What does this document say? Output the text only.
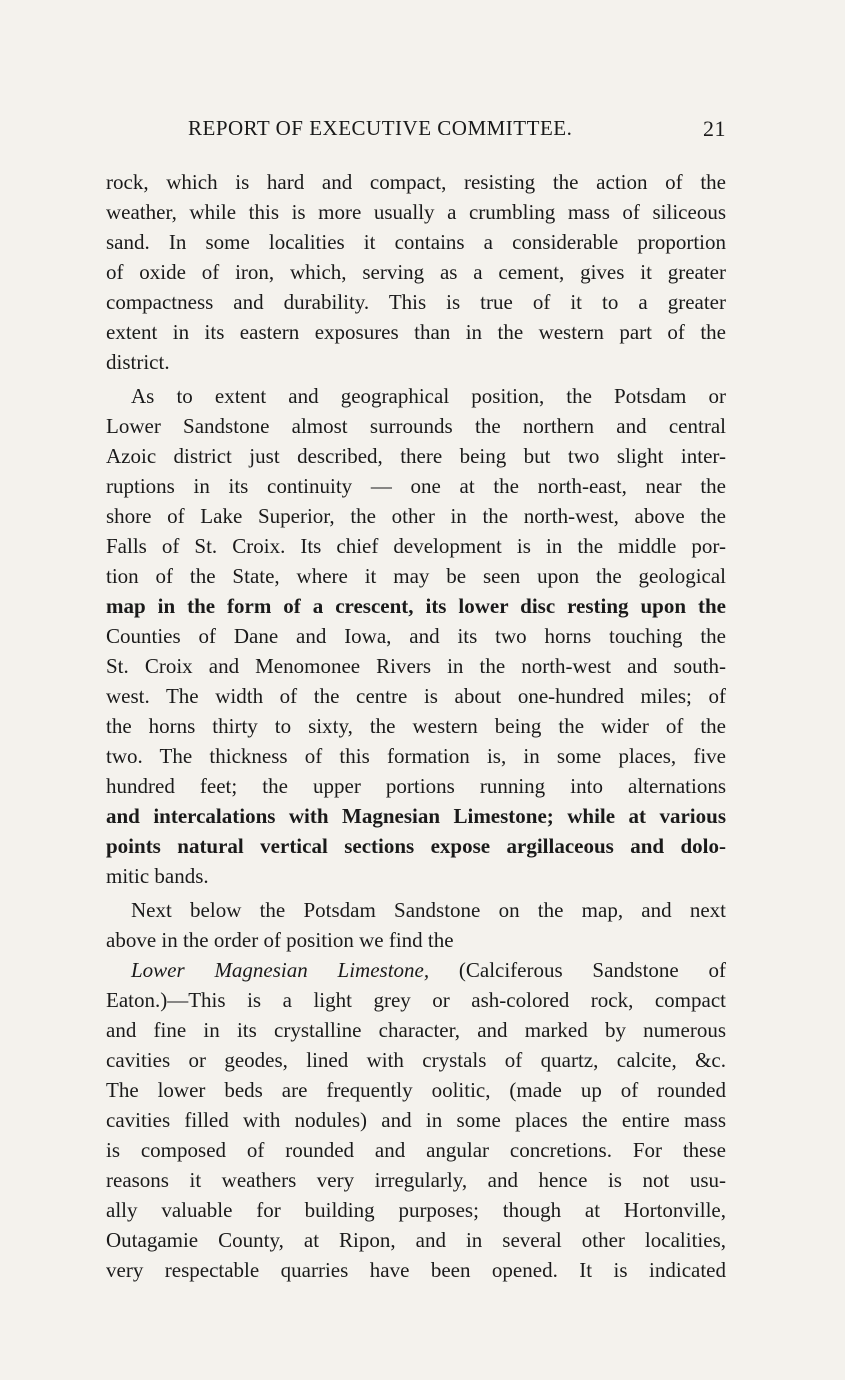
REPORT OF EXECUTIVE COMMITTEE.	21
rock, which is hard and compact, resisting the action of the
weather, while this is more usually a crumbling mass of siliceous
sand. In some localities it contains a considerable proportion
of oxide of iron, which, serving as a cement, gives it greater
compactness and durability. This is true of it to a greater
extent in its eastern exposures than in the western part of the
district.
As to extent and geographical position, the Potsdam or
Lower Sandstone almost surrounds the northern and central
Azoic district just described, there being but two slight inter-
ruptions in its continuity — one at the north-east, near the
shore of Lake Superior, the other in the north-west, above the
Falls of St. Croix. Its chief development is in the middle por-
tion of the State, where it may be seen upon the geological
map in the form of a crescent, its lower disc resting upon the
Counties of Dane and Iowa, and its two horns touching the
St. Croix and Menomonee Rivers in the north-west and south-
west. The width of the centre is about one-hundred miles; of
the horns thirty to sixty, the western being the wider of the
two. The thickness of this formation is, in some places, five
hundred feet; the upper portions running into alternations
and intercalations with Magnesian Limestone; while at various
points natural vertical sections expose argillaceous and dolo-
mitic bands.
Next below the Potsdam Sandstone on the map, and next
above in the order of position we find the
Lower Magnesian Limestone, (Calciferous Sandstone of
Eaton.)—This is a light grey or ash-colored rock, compact
and fine in its crystalline character, and marked by numerous
cavities or geodes, lined with crystals of quartz, calcite, &c.
The lower beds are frequently oolitic, (made up of rounded
cavities filled with nodules) and in some places the entire mass
is composed of rounded and angular concretions. For these
reasons it weathers very irregularly, and hence is not usu-
ally valuable for building purposes; though at Hortonville,
Outagamie County, at Ripon, and in several other localities,
very respectable quarries have been opened. It is indicated
